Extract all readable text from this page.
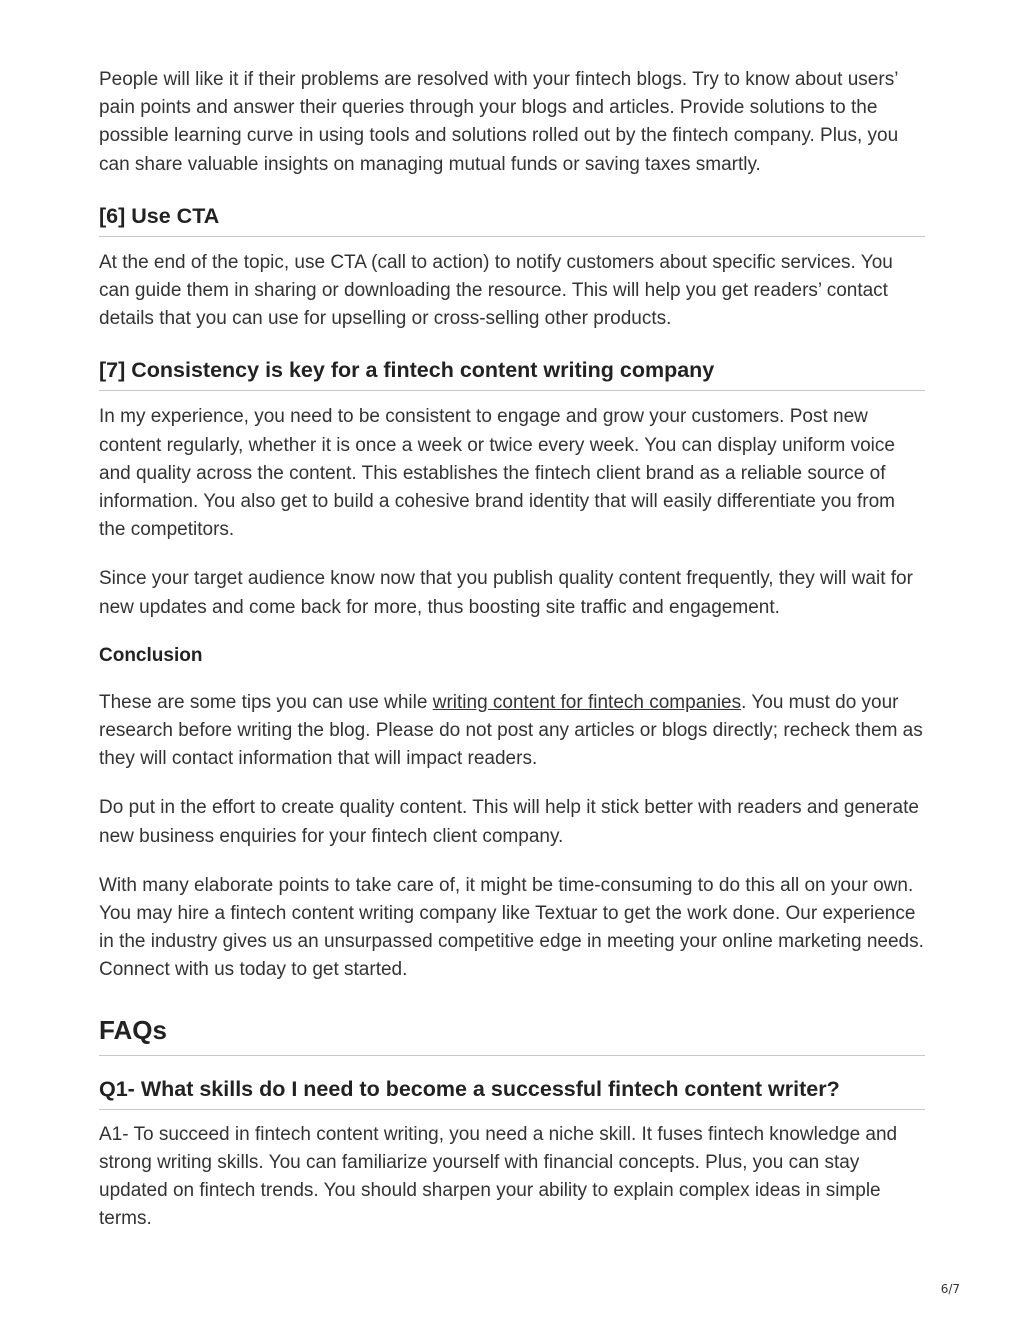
People will like it if their problems are resolved with your fintech blogs. Try to know about users’ pain points and answer their queries through your blogs and articles. Provide solutions to the possible learning curve in using tools and solutions rolled out by the fintech company. Plus, you can share valuable insights on managing mutual funds or saving taxes smartly.

[6] Use CTA

At the end of the topic, use CTA (call to action) to notify customers about specific services. You can guide them in sharing or downloading the resource. This will help you get readers’ contact details that you can use for upselling or cross-selling other products.

[7] Consistency is key for a fintech content writing company

In my experience, you need to be consistent to engage and grow your customers. Post new content regularly, whether it is once a week or twice every week. You can display uniform voice and quality across the content. This establishes the fintech client brand as a reliable source of information. You also get to build a cohesive brand identity that will easily differentiate you from the competitors.

Since your target audience know now that you publish quality content frequently, they will wait for new updates and come back for more, thus boosting site traffic and engagement.

Conclusion

These are some tips you can use while writing content for fintech companies. You must do your research before writing the blog. Please do not post any articles or blogs directly; recheck them as they will contact information that will impact readers.

Do put in the effort to create quality content. This will help it stick better with readers and generate new business enquiries for your fintech client company.

With many elaborate points to take care of, it might be time-consuming to do this all on your own. You may hire a fintech content writing company like Textuar to get the work done. Our experience in the industry gives us an unsurpassed competitive edge in meeting your online marketing needs. Connect with us today to get started.

FAQs
Q1- What skills do I need to become a successful fintech content writer?

A1- To succeed in fintech content writing, you need a niche skill. It fuses fintech knowledge and strong writing skills. You can familiarize yourself with financial concepts. Plus, you can stay updated on fintech trends. You should sharpen your ability to explain complex ideas in simple terms.

6/7
